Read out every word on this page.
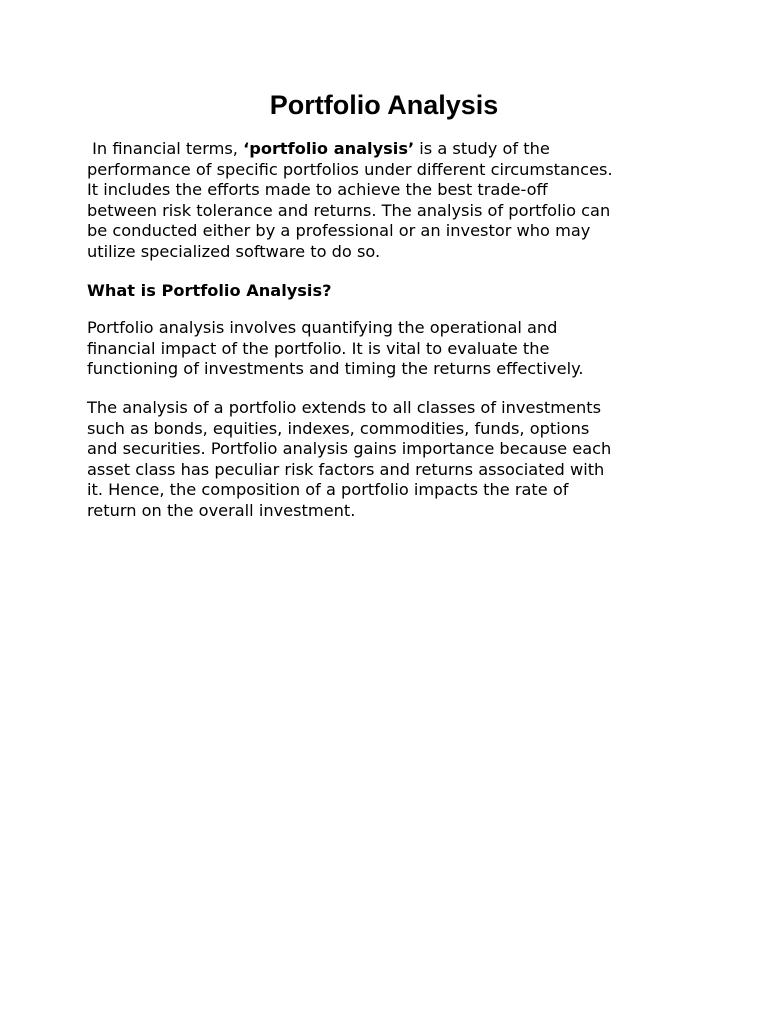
Portfolio Analysis

In financial terms, ‘portfolio analysis’ is a study of the
performance of specific portfolios under different circumstances.
It includes the efforts made to achieve the best trade-off
between risk tolerance and returns. The analysis of portfolio can
be conducted either by a professional or an investor who may
utilize specialized software to do so.

What is Portfolio Analysis?

Portfolio analysis involves quantifying the operational and
financial impact of the portfolio. It is vital to evaluate the
functioning of investments and timing the returns effectively.

The analysis of a portfolio extends to all classes of investments
such as bonds, equities, indexes, commodities, funds, options
and securities. Portfolio analysis gains importance because each
asset class has peculiar risk factors and returns associated with
it. Hence, the composition of a portfolio impacts the rate of
return on the overall investment.
